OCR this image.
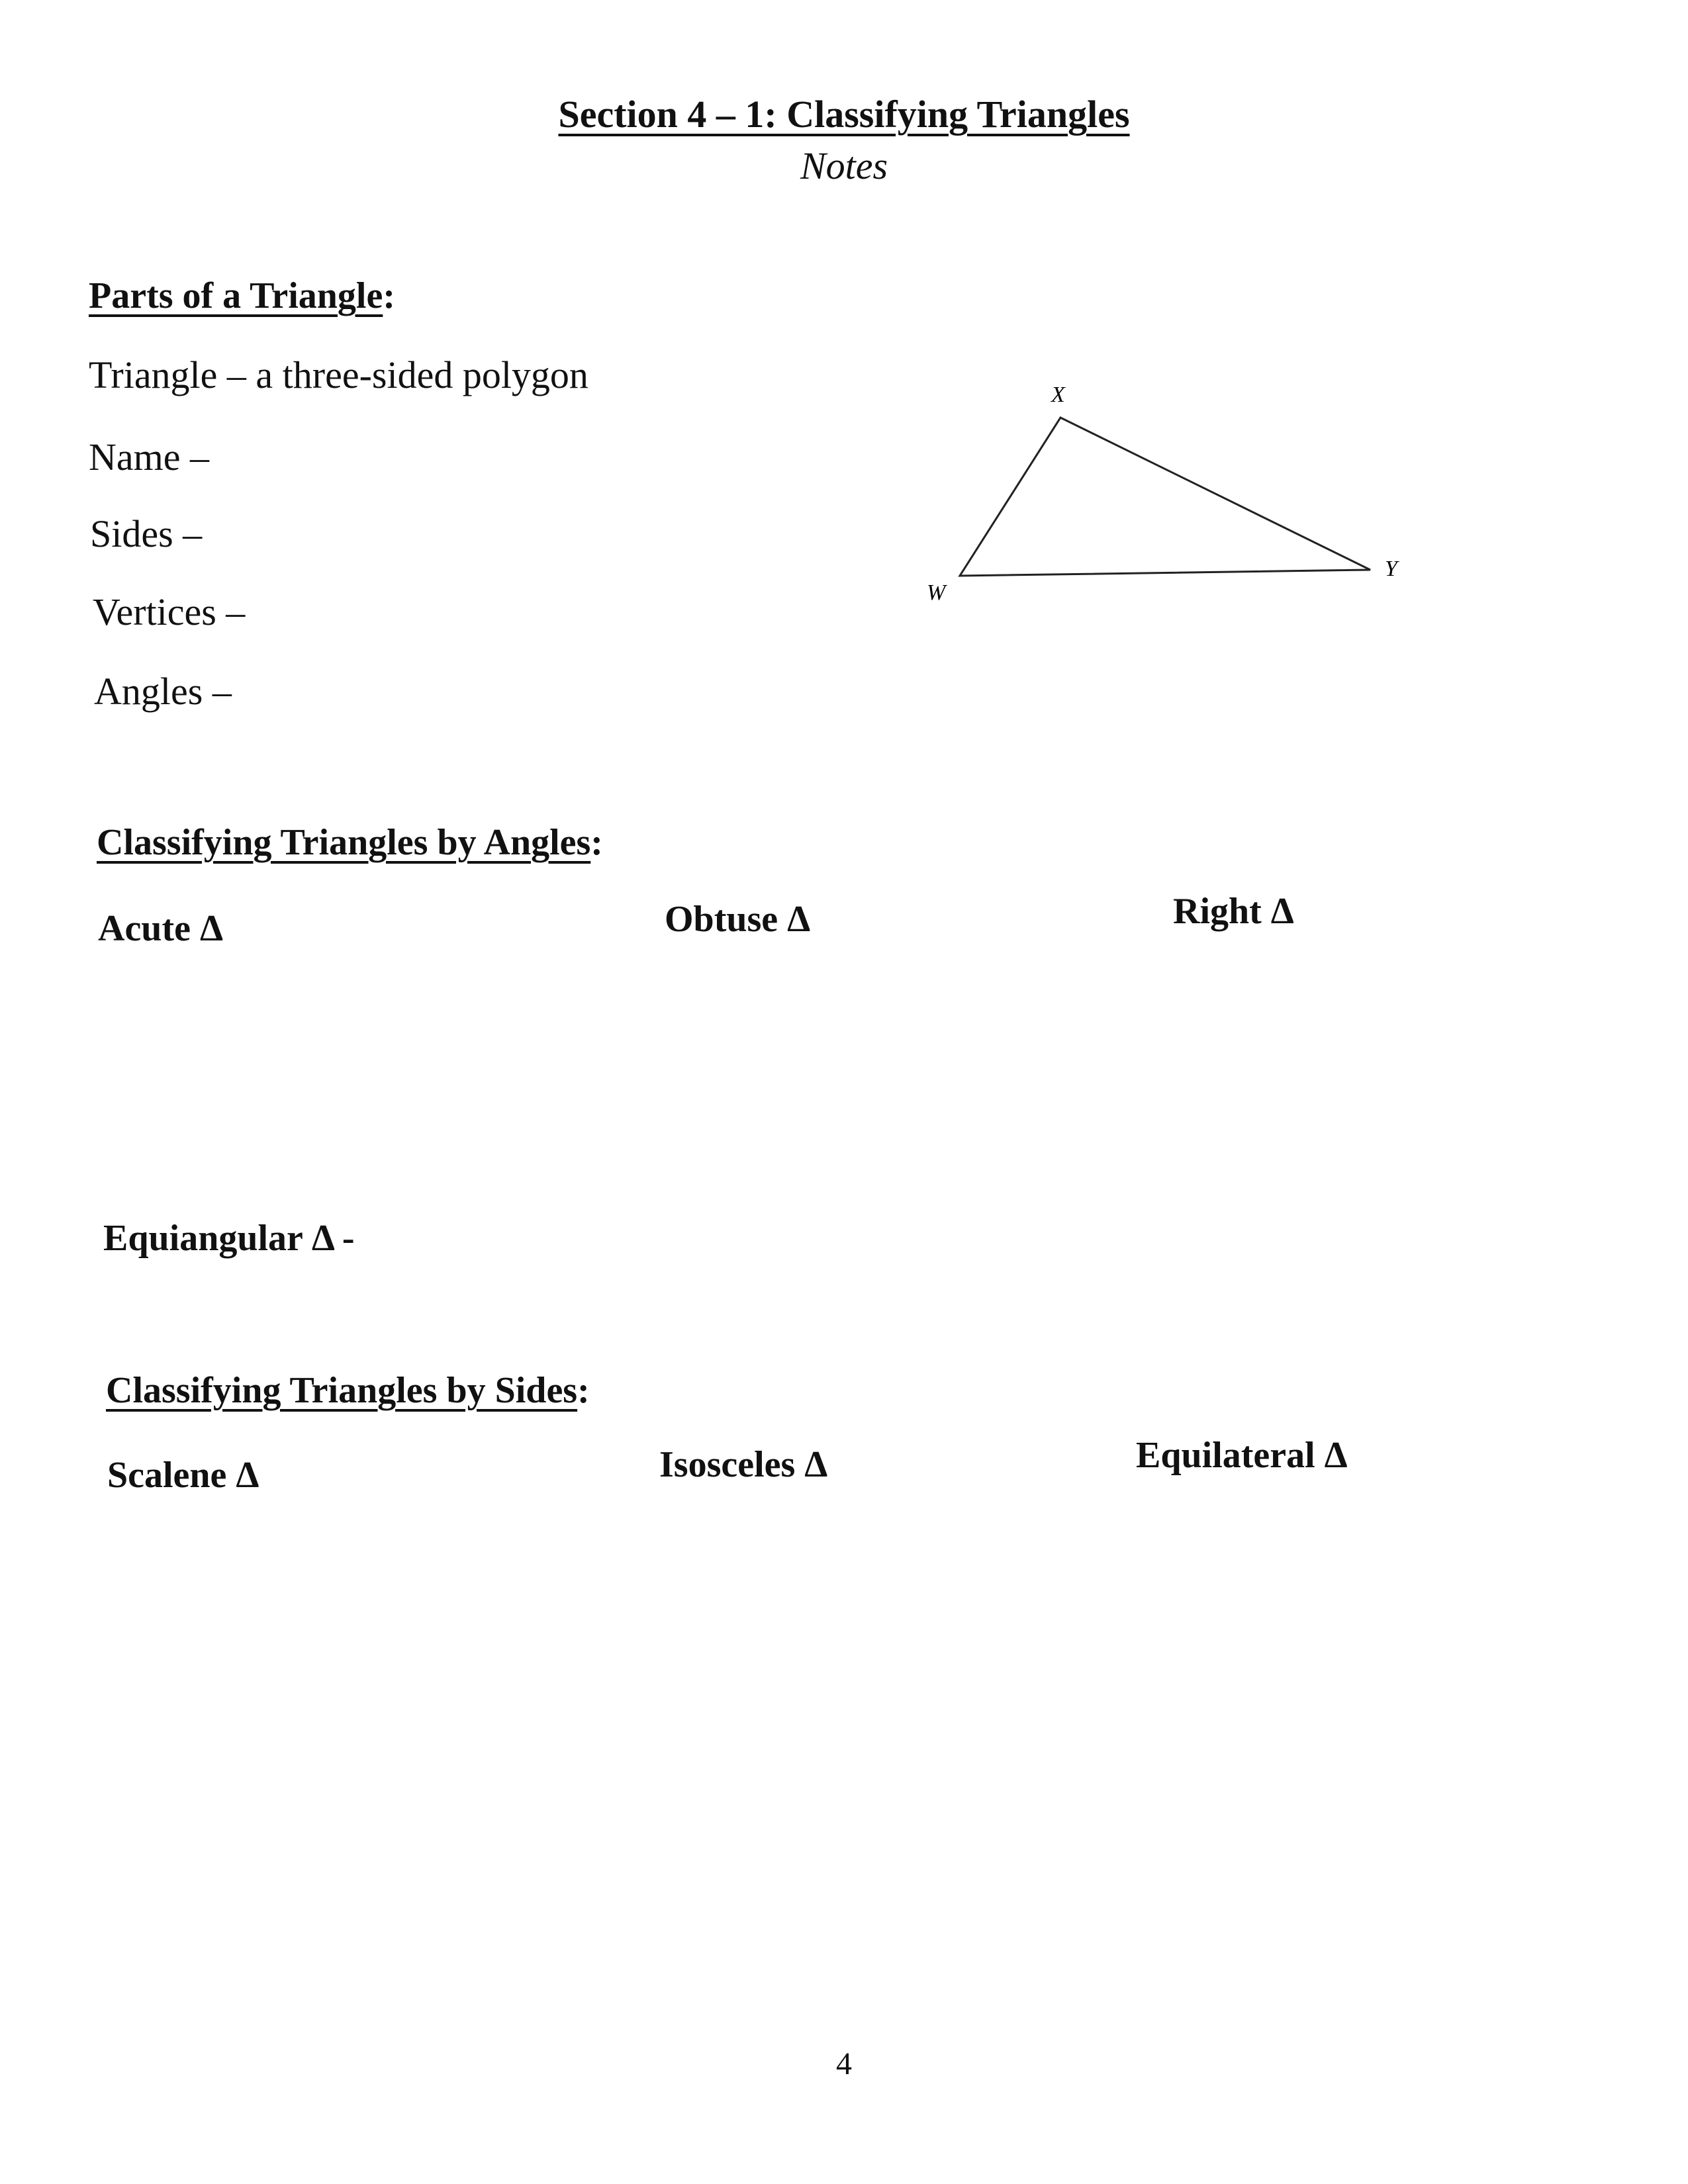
Section 4 – 1: Classifying Triangles
Notes
Parts of a Triangle:
Triangle – a three-sided polygon
Name –
Sides –
Vertices –
Angles –
X
Y
W
Classifying Triangles by Angles:
Acute Δ	Obtuse Δ	Right Δ
Equiangular Δ -
Classifying Triangles by Sides:
Scalene Δ	Isosceles Δ	Equilateral Δ
4
